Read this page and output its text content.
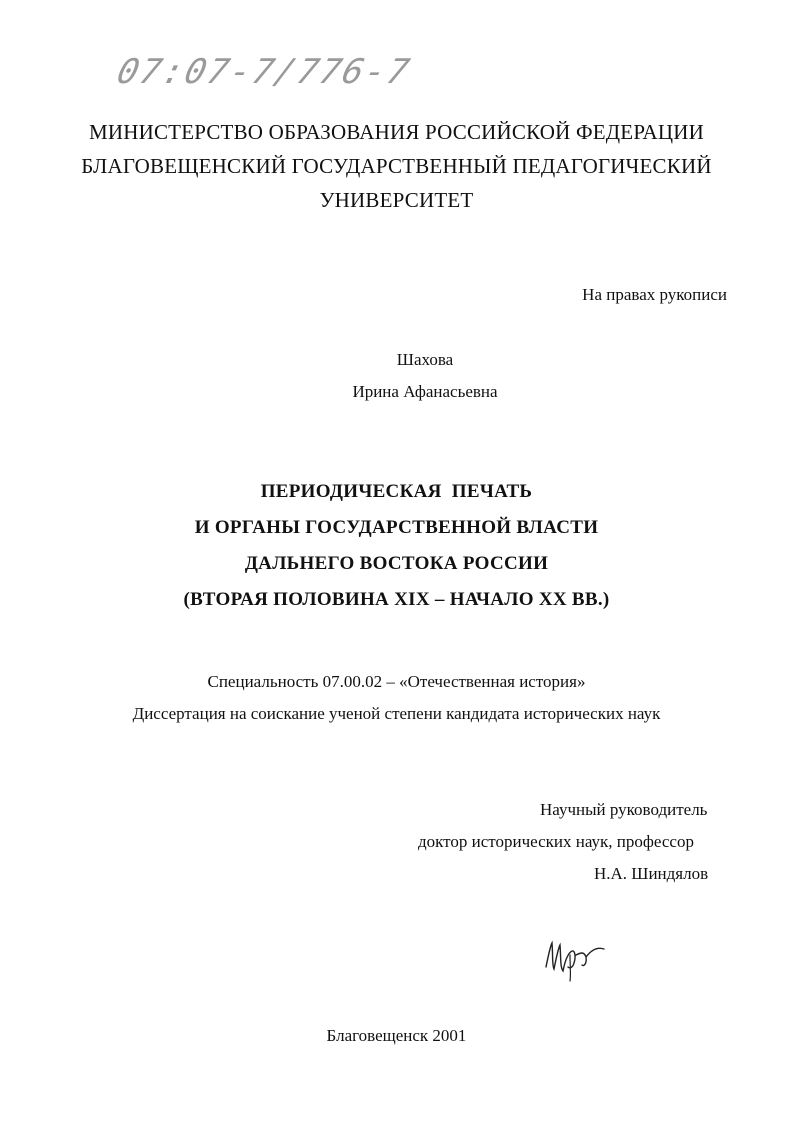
07:07-7/776-7
МИНИСТЕРСТВО ОБРАЗОВАНИЯ РОССИЙСКОЙ ФЕДЕРАЦИИ
БЛАГОВЕЩЕНСКИЙ ГОСУДАРСТВЕННЫЙ ПЕДАГОГИЧЕСКИЙ
УНИВЕРСИТЕТ
На правах рукописи
Шахова
Ирина Афанасьевна
ПЕРИОДИЧЕСКАЯ  ПЕЧАТЬ
И ОРГАНЫ ГОСУДАРСТВЕННОЙ ВЛАСТИ
ДАЛЬНЕГО ВОСТОКА РОССИИ
(ВТОРАЯ ПОЛОВИНА XIX – НАЧАЛО XX ВВ.)
Специальность 07.00.02 – «Отечественная история»
Диссертация на соискание ученой степени кандидата исторических наук
Научный руководитель
доктор исторических наук, профессор
Н.А. Шиндялов
Благовещенск 2001
